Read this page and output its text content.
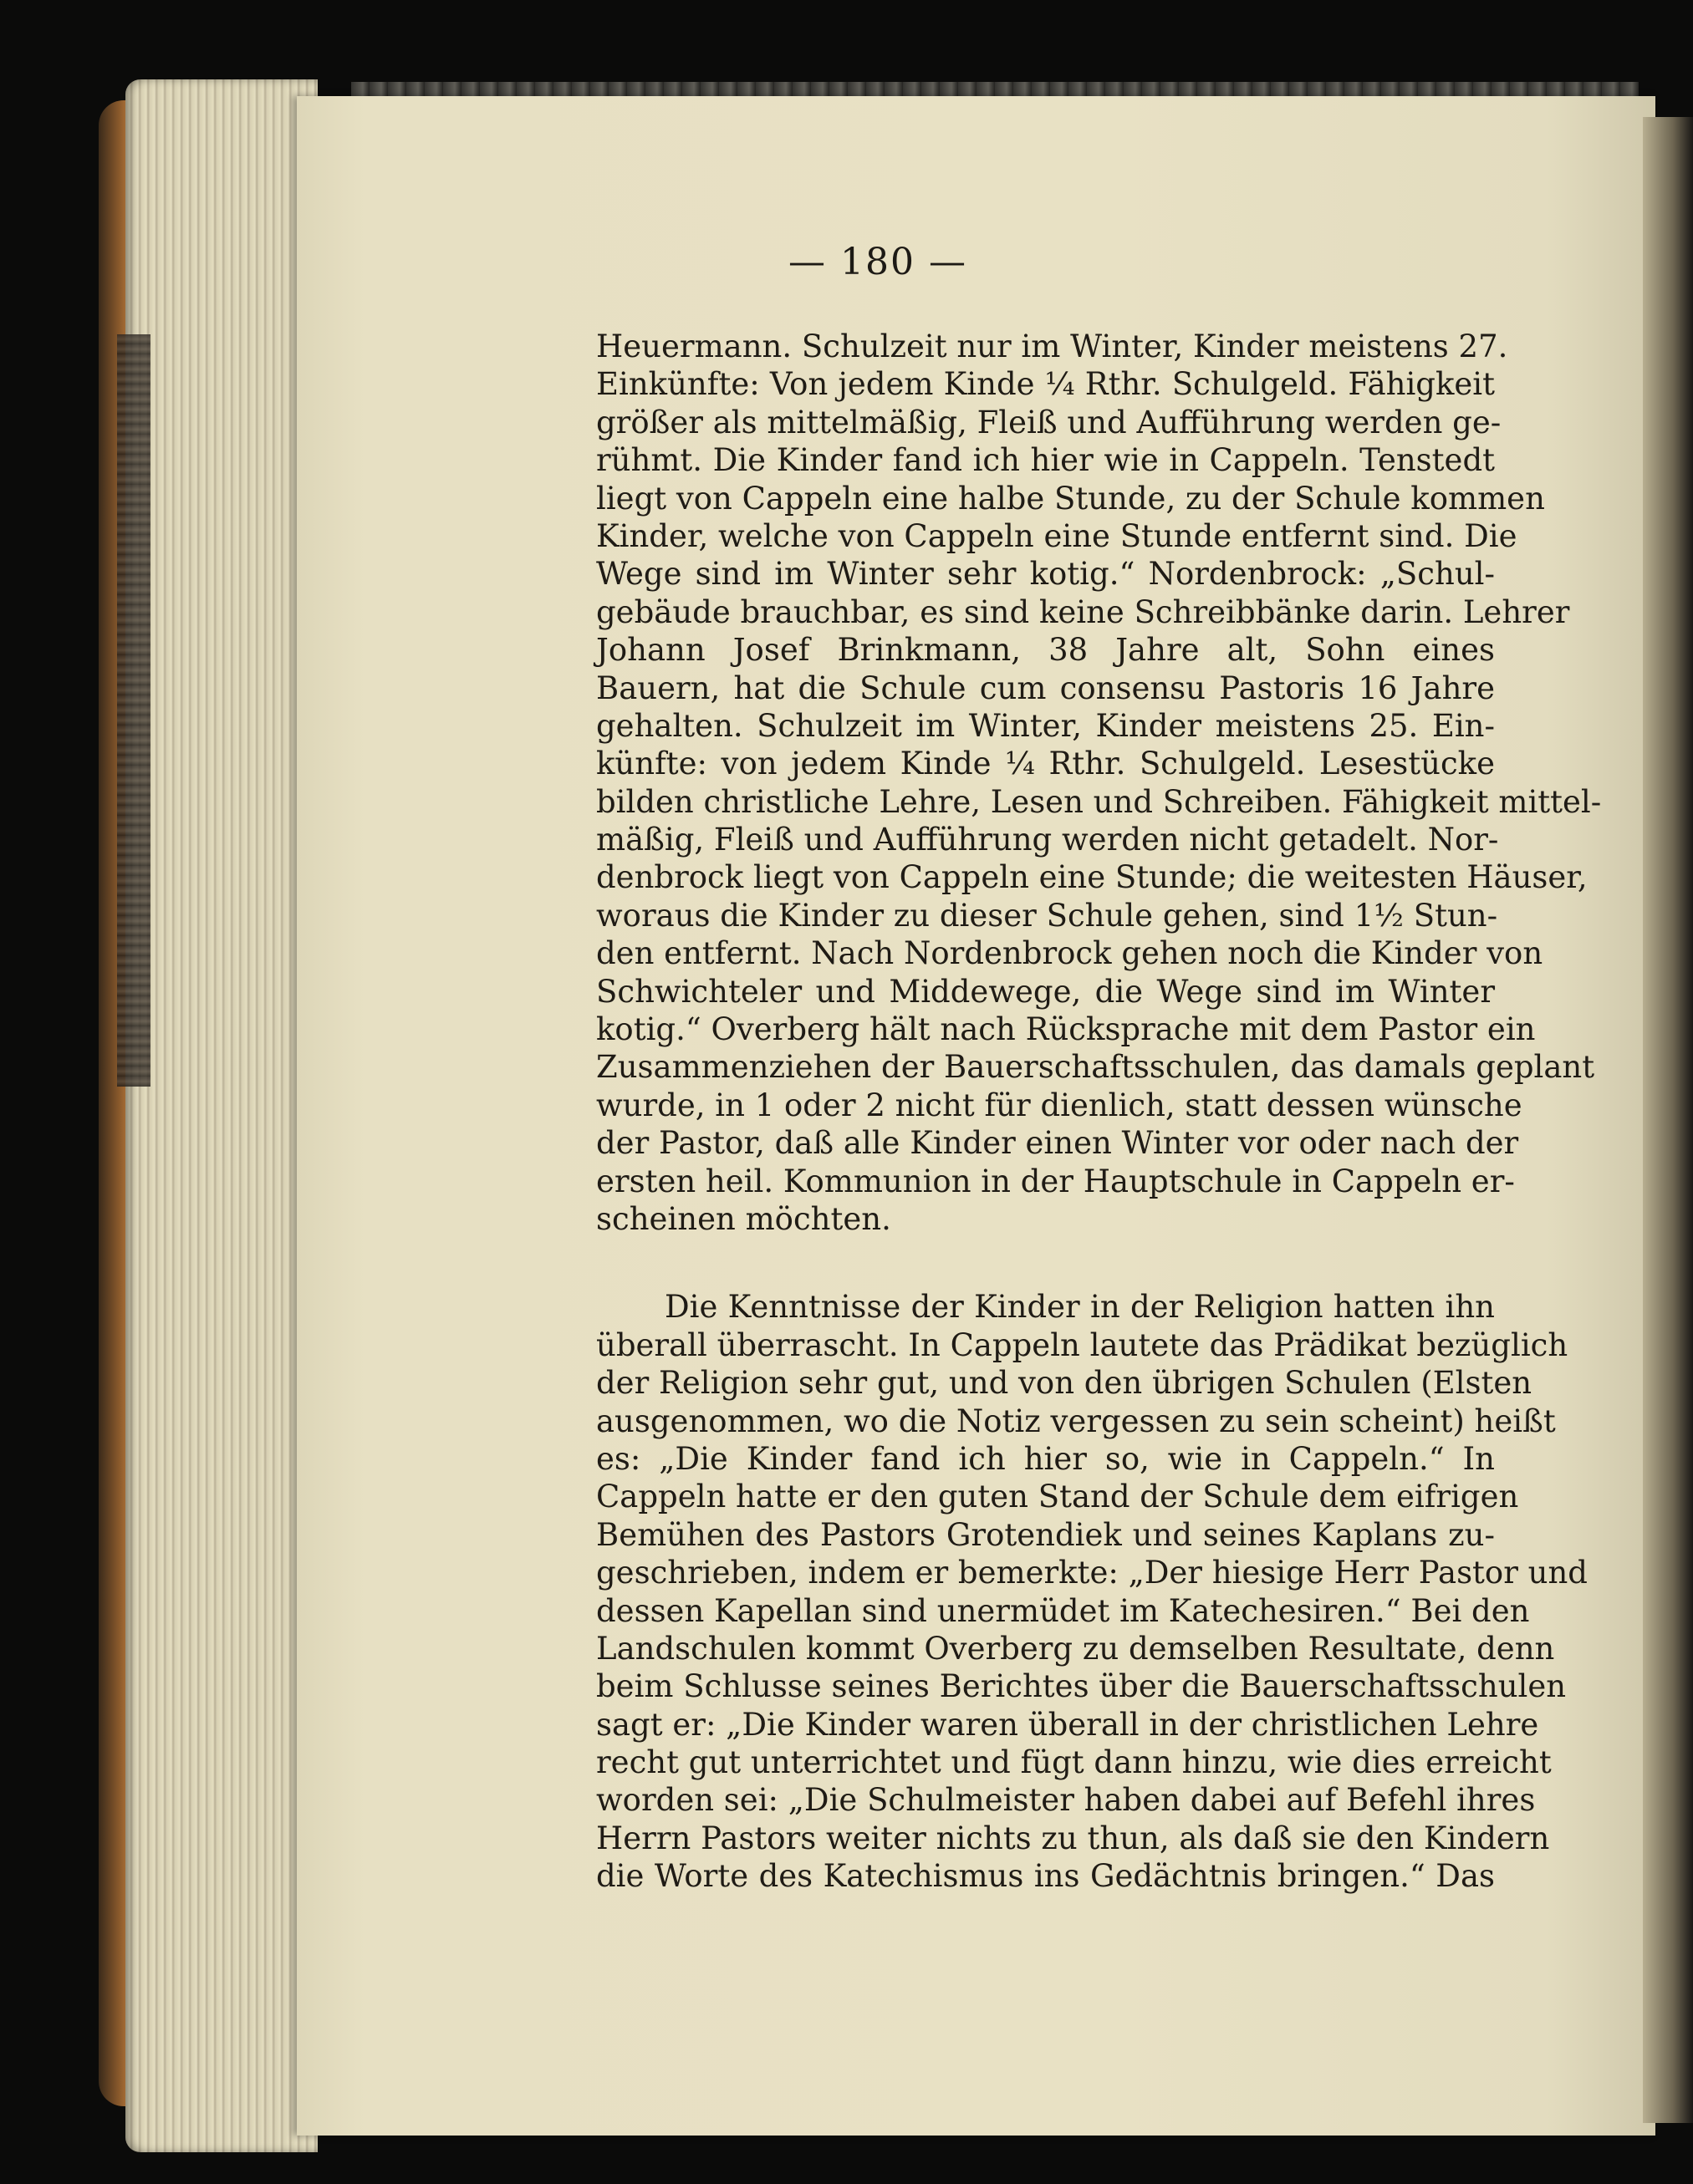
— 180 —
Heuermann. Schulzeit nur im Winter, Kinder meistens 27.
Einkünfte: Von jedem Kinde ¼ Rthr. Schulgeld. Fähigkeit
größer als mittelmäßig, Fleiß und Aufführung werden ge-
rühmt. Die Kinder fand ich hier wie in Cappeln. Tenstedt
liegt von Cappeln eine halbe Stunde, zu der Schule kommen
Kinder, welche von Cappeln eine Stunde entfernt sind. Die
Wege sind im Winter sehr kotig.“ Nordenbrock: „Schul-
gebäude brauchbar, es sind keine Schreibbänke darin. Lehrer
Johann Josef Brinkmann, 38 Jahre alt, Sohn eines
Bauern, hat die Schule cum consensu Pastoris 16 Jahre
gehalten. Schulzeit im Winter, Kinder meistens 25. Ein-
künfte: von jedem Kinde ¼ Rthr. Schulgeld. Lesestücke
bilden christliche Lehre, Lesen und Schreiben. Fähigkeit mittel-
mäßig, Fleiß und Aufführung werden nicht getadelt. Nor-
denbrock liegt von Cappeln eine Stunde; die weitesten Häuser,
woraus die Kinder zu dieser Schule gehen, sind 1½ Stun-
den entfernt. Nach Nordenbrock gehen noch die Kinder von
Schwichteler und Middewege, die Wege sind im Winter
kotig.“ Overberg hält nach Rücksprache mit dem Pastor ein
Zusammenziehen der Bauerschaftsschulen, das damals geplant
wurde, in 1 oder 2 nicht für dienlich, statt dessen wünsche
der Pastor, daß alle Kinder einen Winter vor oder nach der
ersten heil. Kommunion in der Hauptschule in Cappeln er-
scheinen möchten.
Die Kenntnisse der Kinder in der Religion hatten ihn
überall überrascht. In Cappeln lautete das Prädikat bezüglich
der Religion sehr gut, und von den übrigen Schulen (Elsten
ausgenommen, wo die Notiz vergessen zu sein scheint) heißt
es: „Die Kinder fand ich hier so, wie in Cappeln.“ In
Cappeln hatte er den guten Stand der Schule dem eifrigen
Bemühen des Pastors Grotendiek und seines Kaplans zu-
geschrieben, indem er bemerkte: „Der hiesige Herr Pastor und
dessen Kapellan sind unermüdet im Katechesiren.“ Bei den
Landschulen kommt Overberg zu demselben Resultate, denn
beim Schlusse seines Berichtes über die Bauerschaftsschulen
sagt er: „Die Kinder waren überall in der christlichen Lehre
recht gut unterrichtet und fügt dann hinzu, wie dies erreicht
worden sei: „Die Schulmeister haben dabei auf Befehl ihres
Herrn Pastors weiter nichts zu thun, als daß sie den Kindern
die Worte des Katechismus ins Gedächtnis bringen.“ Das
